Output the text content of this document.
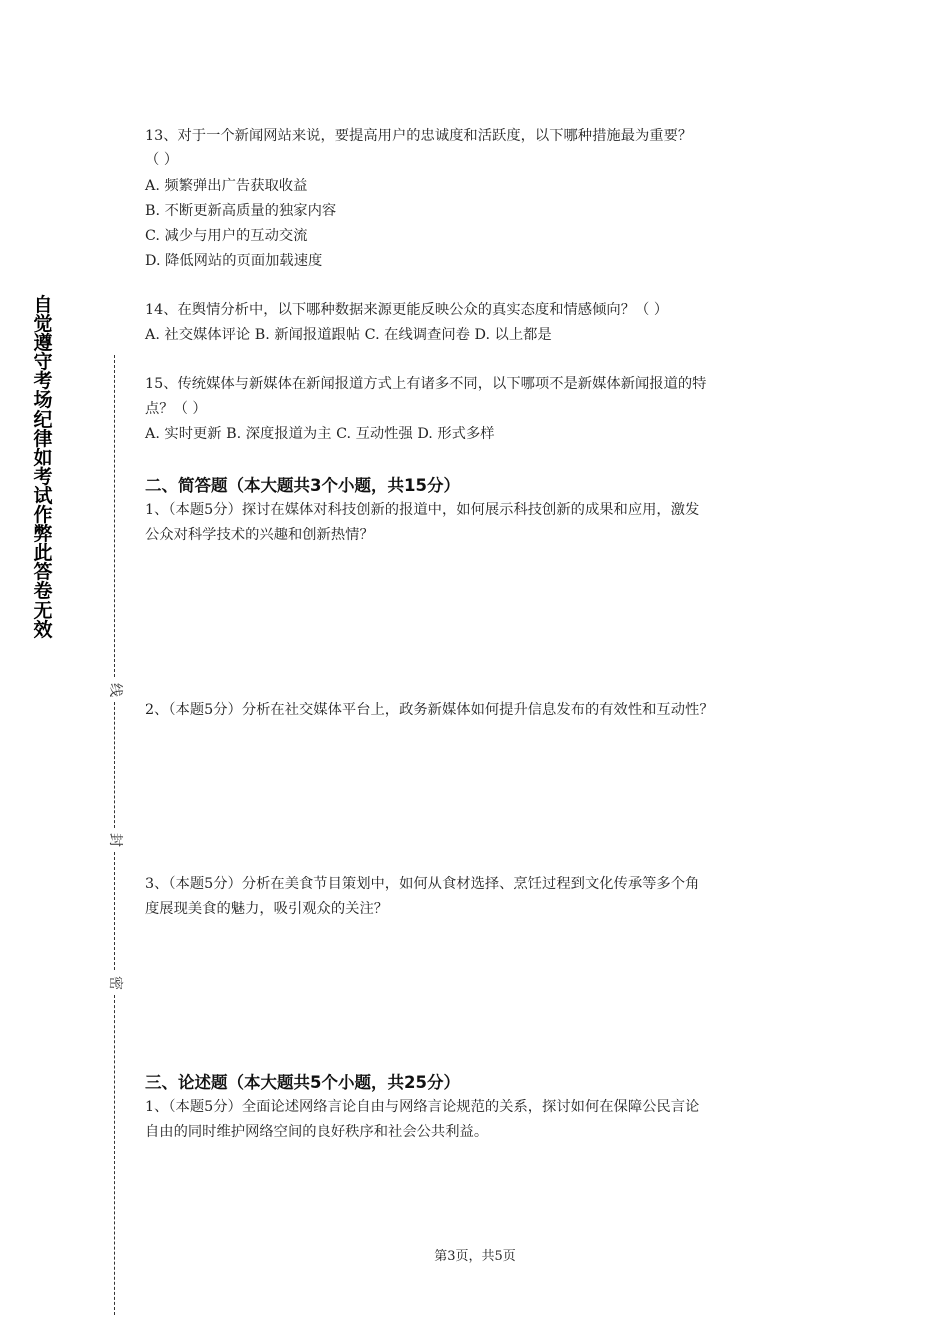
自觉遵守考场纪律如考试作弊此答卷无效
线
封
密
13、对于一个新闻网站来说，要提高用户的忠诚度和活跃度，以下哪种措施最为重要？
（ ）
A. 频繁弹出广告获取收益
B. 不断更新高质量的独家内容
C. 减少与用户的互动交流
D. 降低网站的页面加载速度
14、在舆情分析中，以下哪种数据来源更能反映公众的真实态度和情感倾向？（ ）
A. 社交媒体评论 B. 新闻报道跟帖 C. 在线调查问卷 D. 以上都是
15、传统媒体与新媒体在新闻报道方式上有诸多不同，以下哪项不是新媒体新闻报道的特
点？（ ）
A. 实时更新 B. 深度报道为主 C. 互动性强 D. 形式多样
二、简答题（本大题共3个小题，共15分）
1、（本题5分）探讨在媒体对科技创新的报道中，如何展示科技创新的成果和应用，激发
公众对科学技术的兴趣和创新热情？
2、（本题5分）分析在社交媒体平台上，政务新媒体如何提升信息发布的有效性和互动性？
3、（本题5分）分析在美食节目策划中，如何从食材选择、烹饪过程到文化传承等多个角
度展现美食的魅力，吸引观众的关注？
三、论述题（本大题共5个小题，共25分）
1、（本题5分）全面论述网络言论自由与网络言论规范的关系，探讨如何在保障公民言论
自由的同时维护网络空间的良好秩序和社会公共利益。
第3页，共5页
